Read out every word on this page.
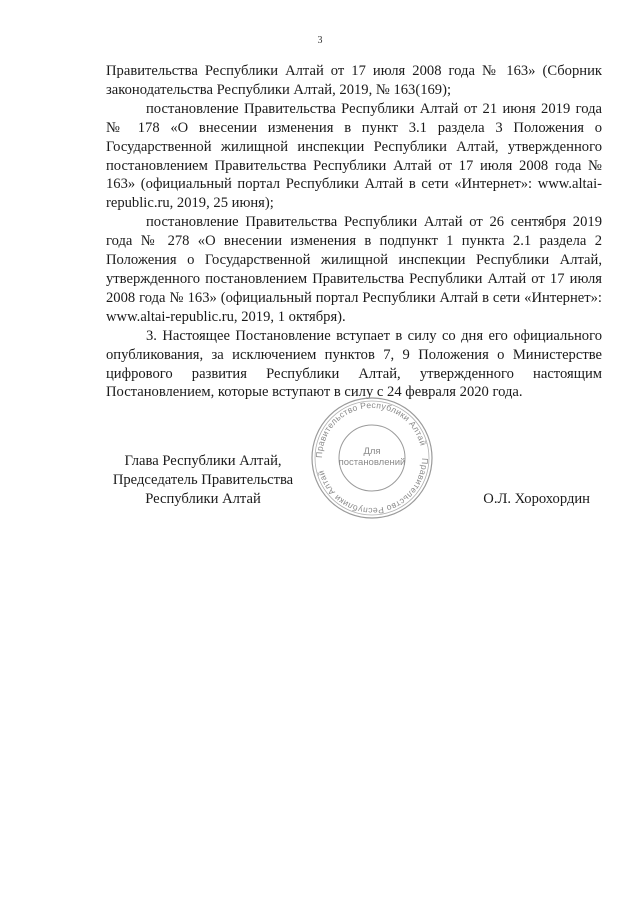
3

Правительства Республики Алтай от 17 июля 2008 года № 163» (Сборник законодательства Республики Алтай, 2019, № 163(169);

постановление Правительства Республики Алтай от 21 июня 2019 года № 178 «О внесении изменения в пункт 3.1 раздела 3 Положения о Государственной жилищной инспекции Республики Алтай, утвержденного постановлением Правительства Республики Алтай от 17 июля 2008 года № 163» (официальный портал Республики Алтай в сети «Интернет»: www.altai-republic.ru, 2019, 25 июня);

постановление Правительства Республики Алтай от 26 сентября 2019 года № 278 «О внесении изменения в подпункт 1 пункта 2.1 раздела 2 Положения о Государственной жилищной инспекции Республики Алтай, утвержденного постановлением Правительства Республики Алтай от 17 июля 2008 года № 163» (официальный портал Республики Алтай в сети «Интернет»: www.altai-republic.ru, 2019, 1 октября).

3. Настоящее Постановление вступает в силу со дня его официального опубликования, за исключением пунктов 7, 9 Положения о Министерстве цифрового развития Республики Алтай, утвержденного настоящим Постановлением, которые вступают в силу с 24 февраля 2020 года.

Правительство Республики Алтай
Правительство Республики Алтай
Для
постановлений
Глава Республики Алтай,
Председатель Правительства
Республики Алтай	О.Л. Хорохордин
